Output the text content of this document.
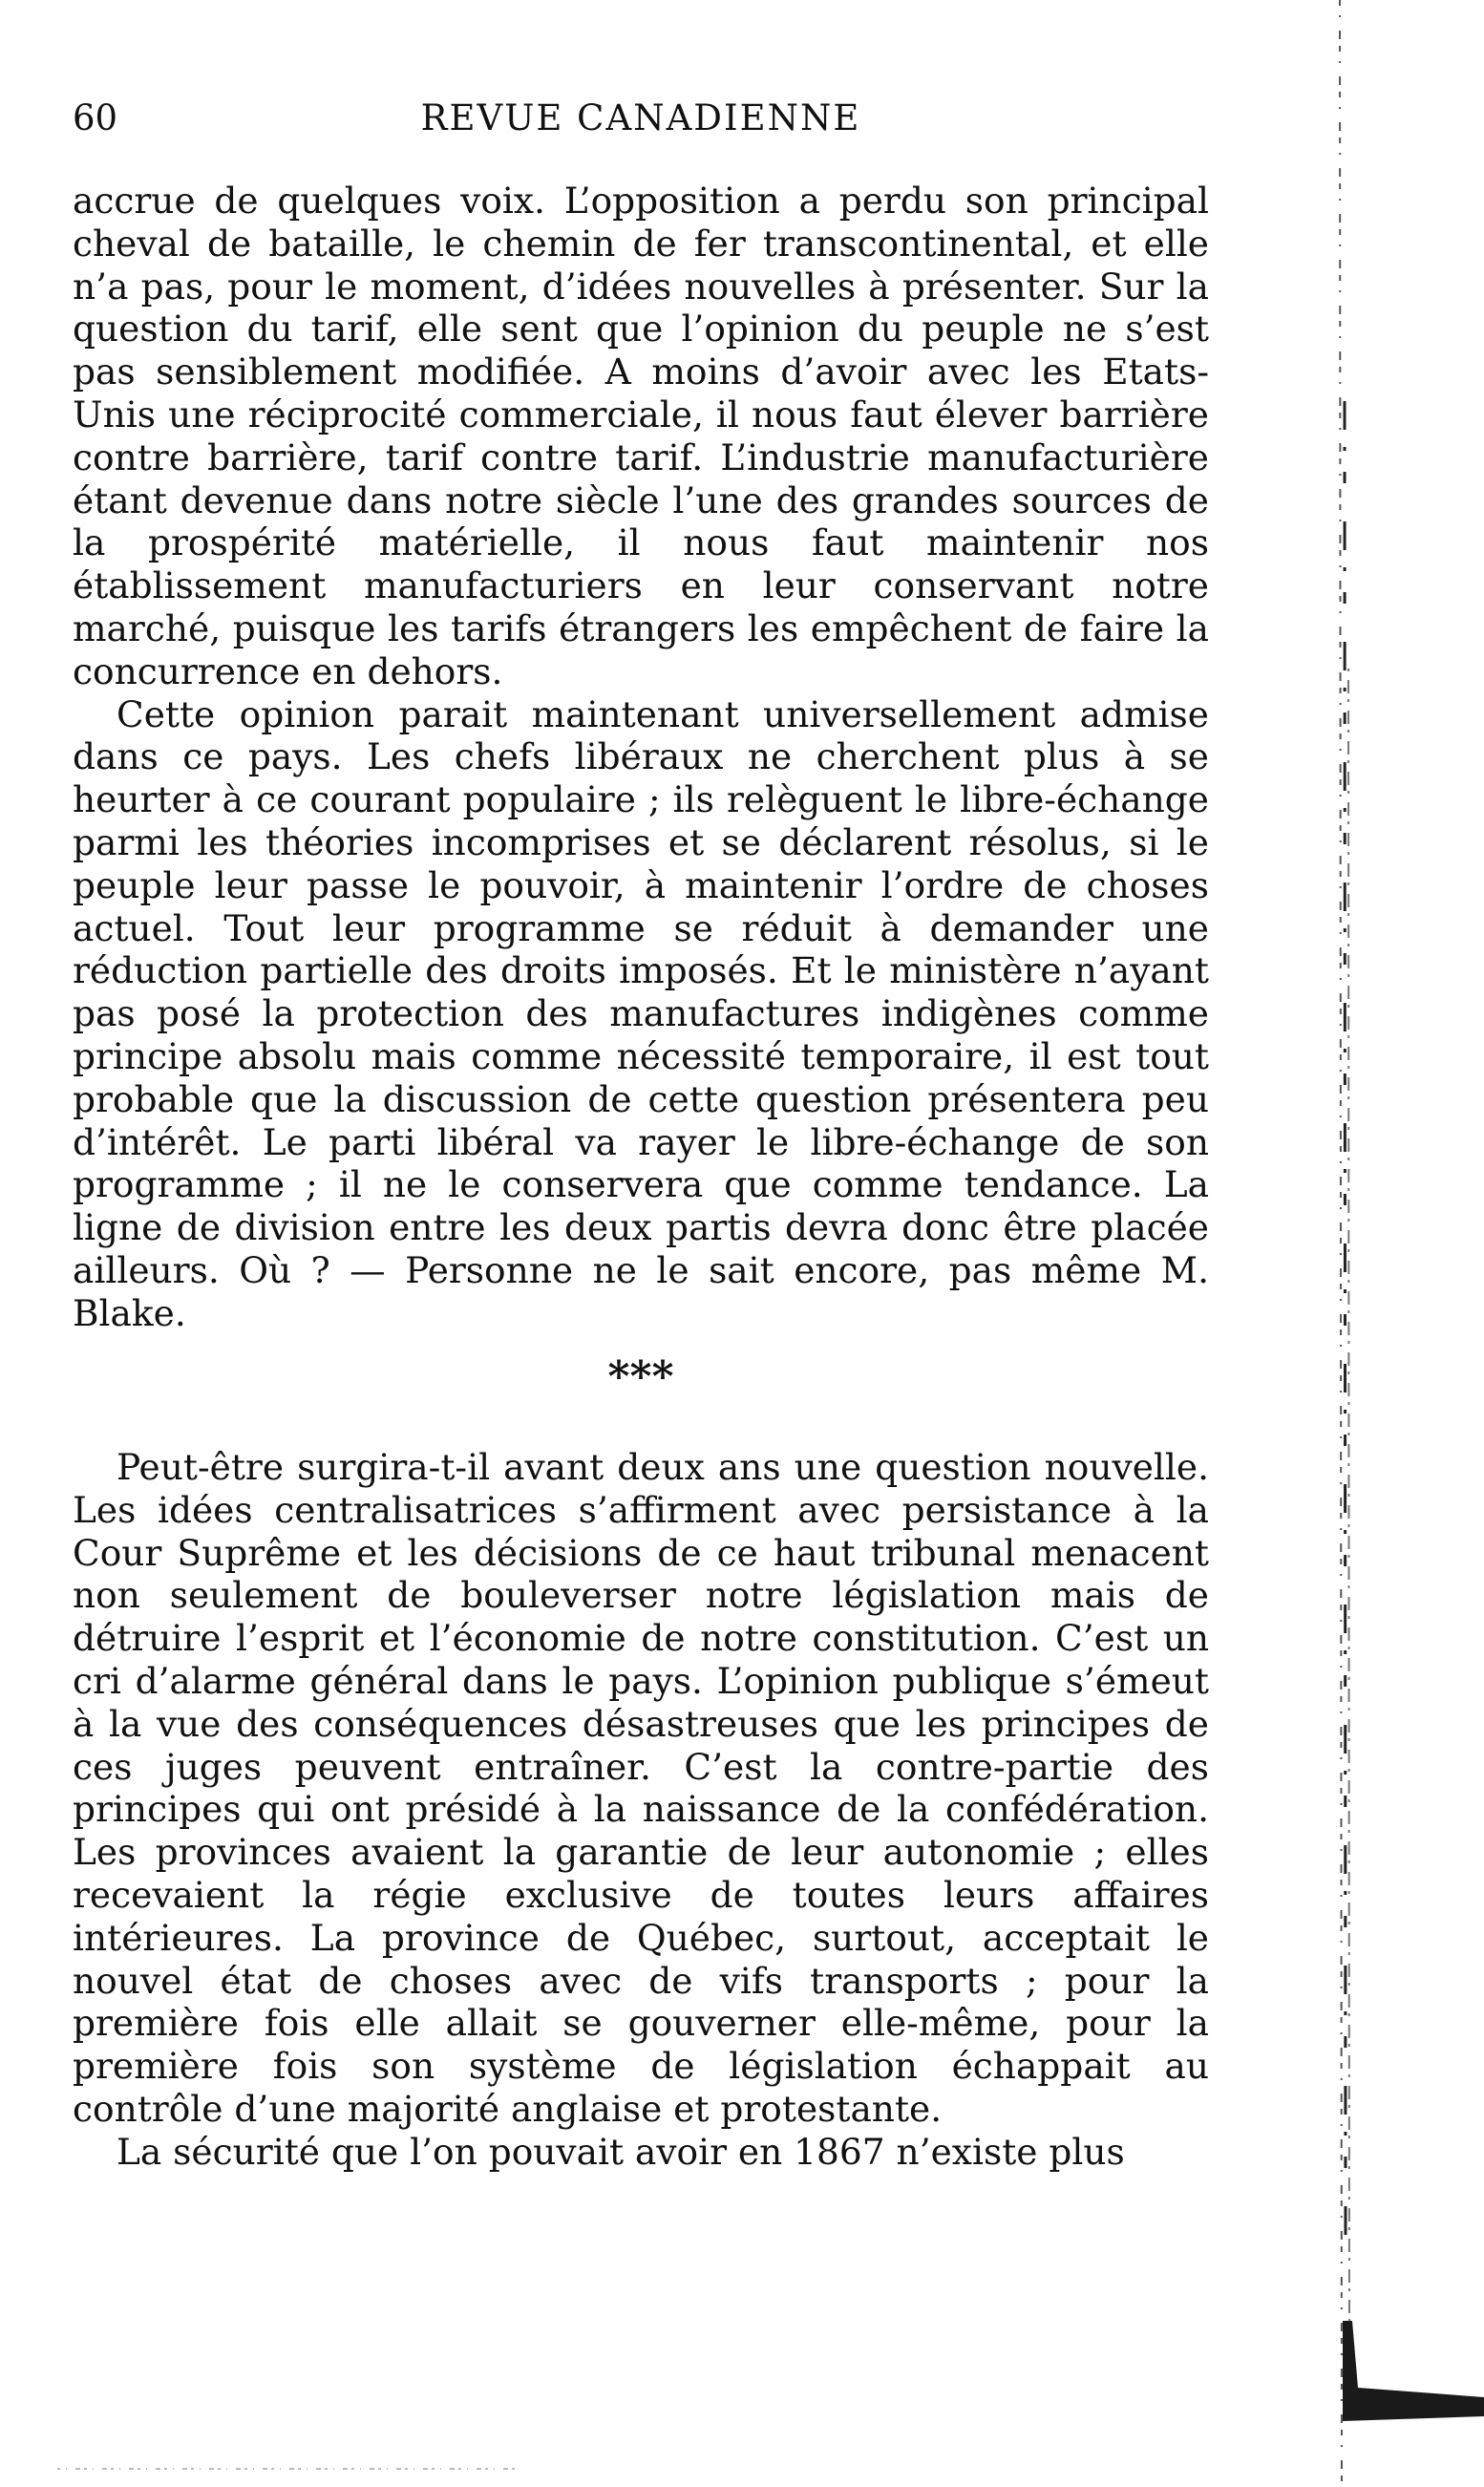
60	REVUE CANADIENNE

accrue de quelques voix. L’opposition a perdu son principal cheval de bataille, le chemin de fer transcontinental, et elle n’a pas, pour le moment, d’idées nouvelles à présenter. Sur la question du tarif, elle sent que l’opinion du peuple ne s’est pas sensiblement modifiée. A moins d’avoir avec les Etats-Unis une réciprocité commerciale, il nous faut élever barrière contre barrière, tarif contre tarif. L’industrie manufacturière étant devenue dans notre siècle l’une des grandes sources de la prospérité matérielle, il nous faut maintenir nos établissement manufacturiers en leur conservant notre marché, puisque les tarifs étrangers les empêchent de faire la concurrence en dehors.

Cette opinion parait maintenant universellement admise dans ce pays. Les chefs libéraux ne cherchent plus à se heurter à ce courant populaire ; ils relèguent le libre-échange parmi les théories incomprises et se déclarent résolus, si le peuple leur passe le pouvoir, à maintenir l’ordre de choses actuel. Tout leur programme se réduit à demander une réduction partielle des droits imposés. Et le ministère n’ayant pas posé la protection des manufactures indigènes comme principe absolu mais comme nécessité temporaire, il est tout probable que la discussion de cette question présentera peu d’intérêt. Le parti libéral va rayer le libre-échange de son programme ; il ne le conservera que comme tendance. La ligne de division entre les deux partis devra donc être placée ailleurs. Où ? — Personne ne le sait encore, pas même M. Blake.

***

Peut-être surgira-t-il avant deux ans une question nouvelle. Les idées centralisatrices s’affirment avec persistance à la Cour Suprême et les décisions de ce haut tribunal menacent non seulement de bouleverser notre législation mais de détruire l’esprit et l’économie de notre constitution. C’est un cri d’alarme général dans le pays. L’opinion publique s’émeut à la vue des conséquences désastreuses que les principes de ces juges peuvent entraîner. C’est la contre-partie des principes qui ont présidé à la naissance de la confédération. Les provinces avaient la garantie de leur autonomie ; elles recevaient la régie exclusive de toutes leurs affaires intérieures. La province de Québec, surtout, acceptait le nouvel état de choses avec de vifs transports ; pour la première fois elle allait se gouverner elle-même, pour la première fois son système de législation échappait au contrôle d’une majorité anglaise et protestante.

La sécurité que l’on pouvait avoir en 1867 n’existe plus
